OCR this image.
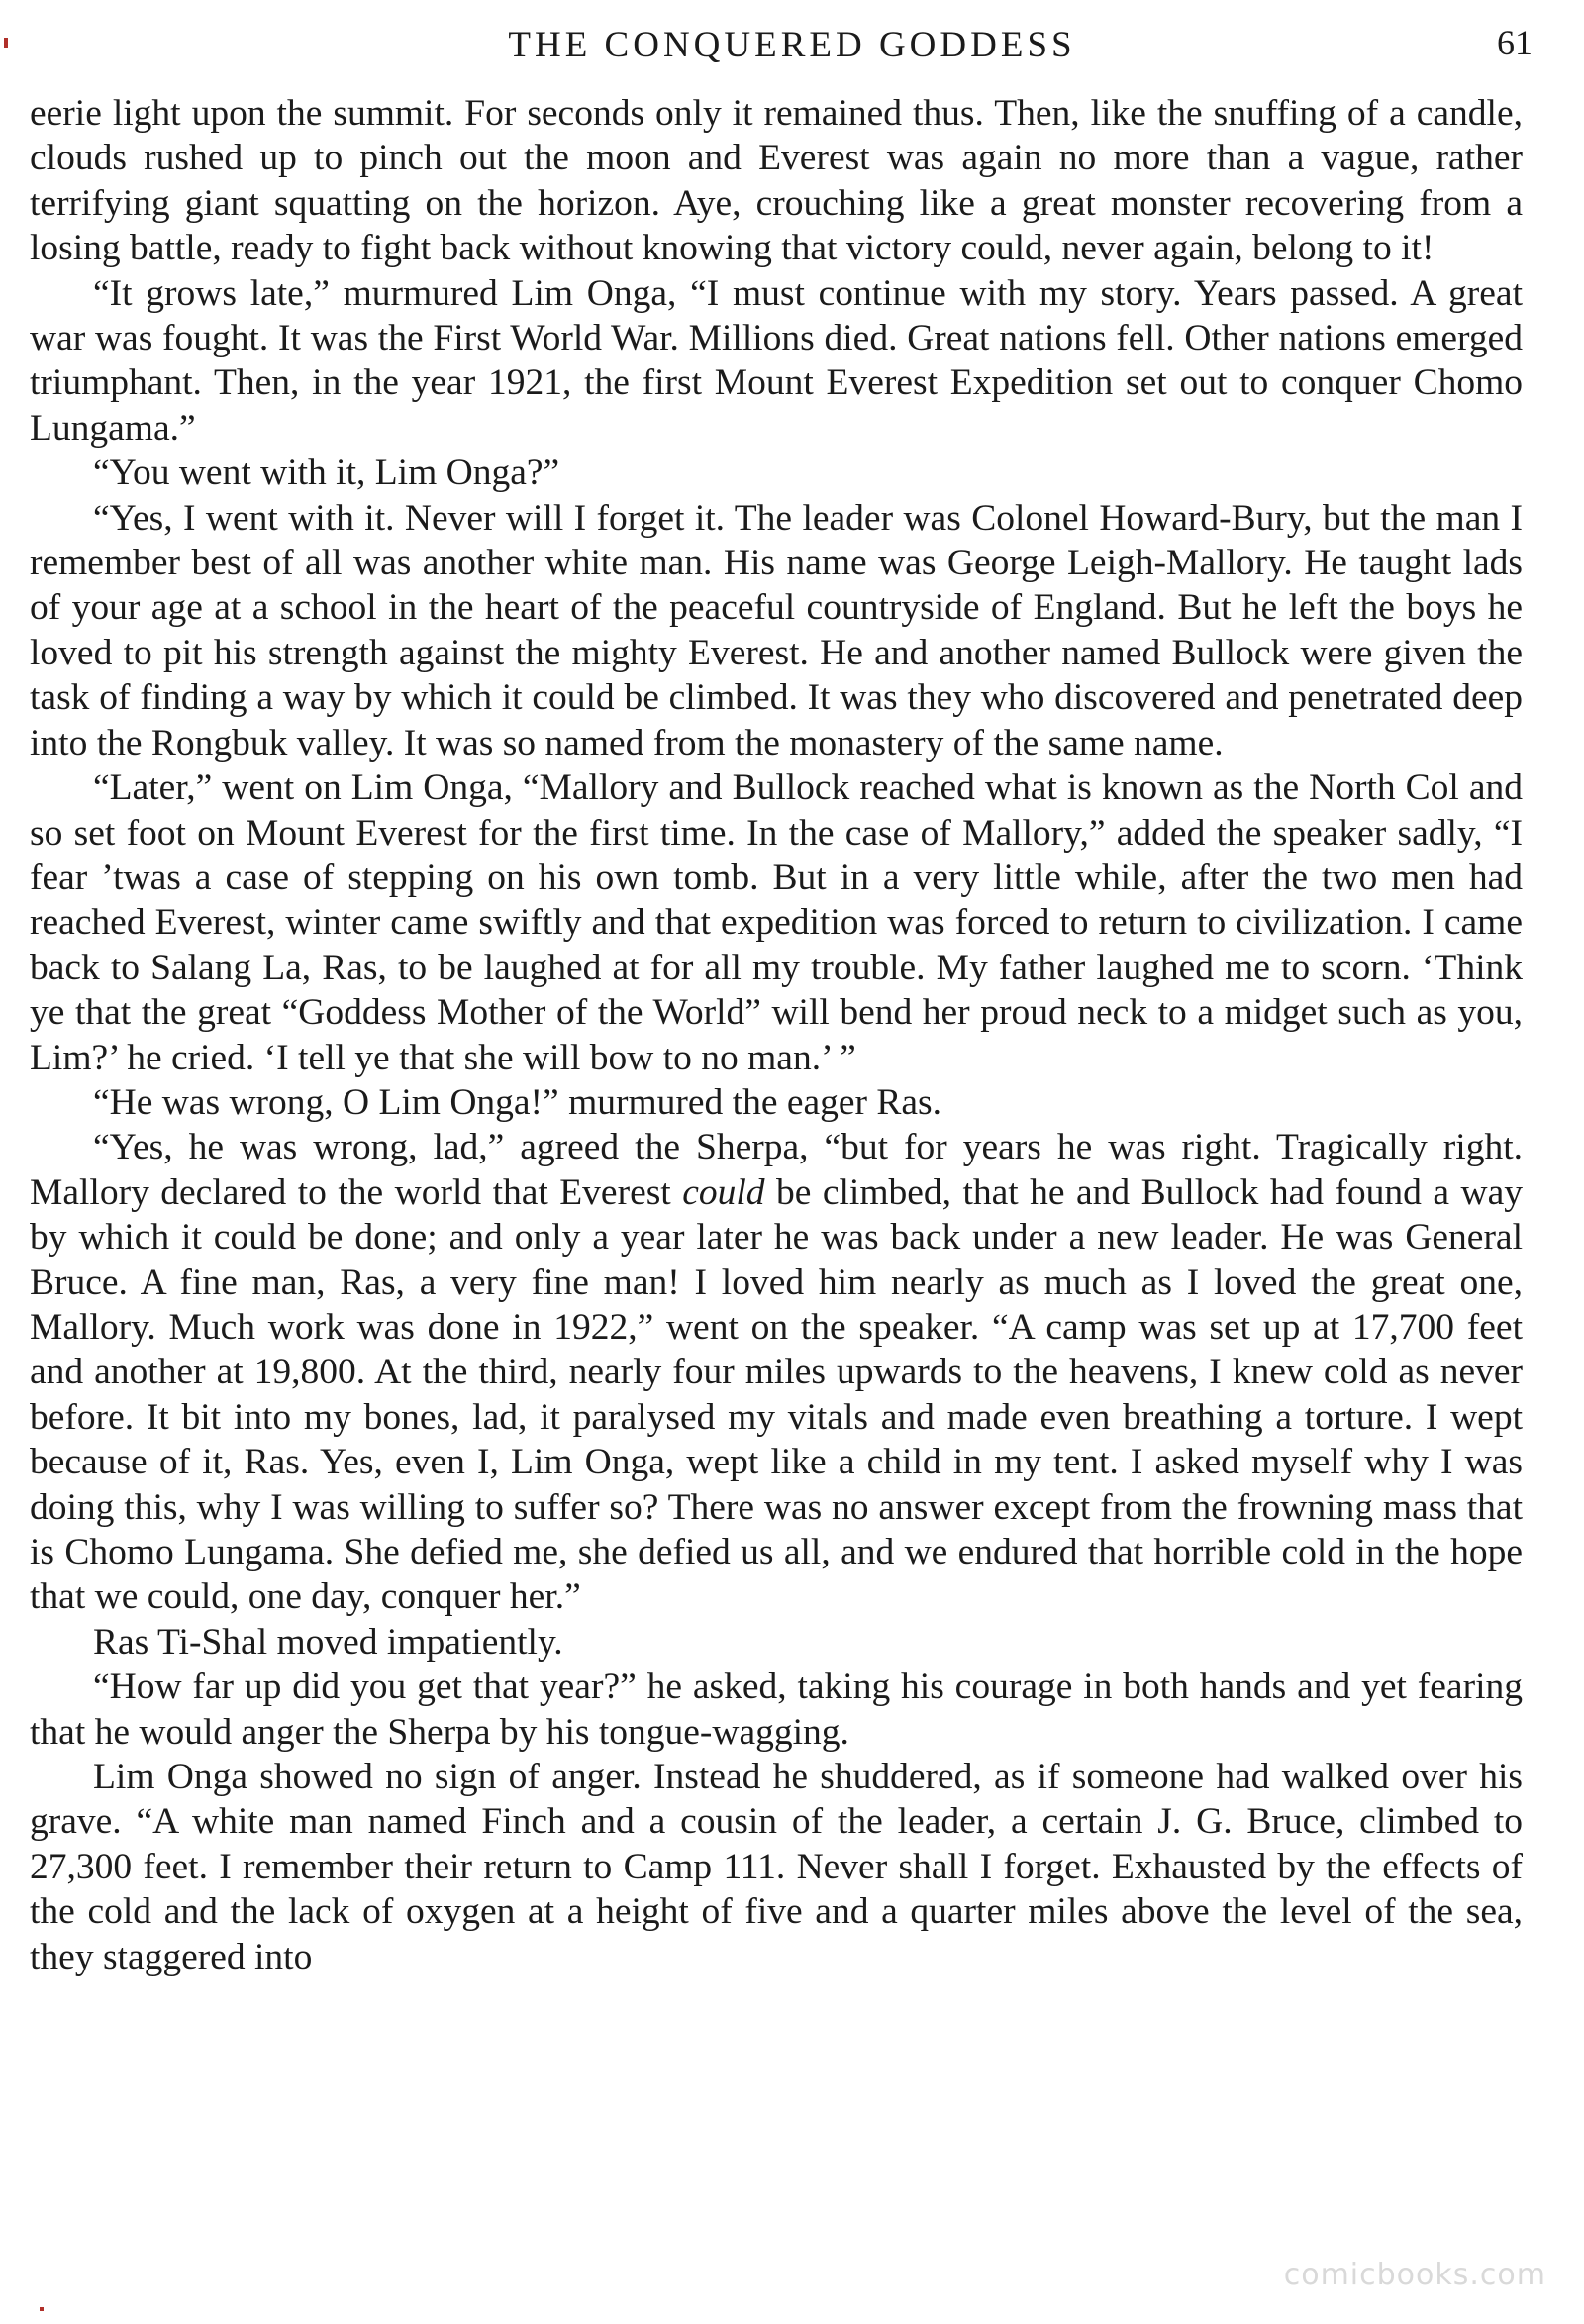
THE CONQUERED GODDESS	61

eerie light upon the summit. For seconds only it remained thus. Then, like the snuffing of a candle, clouds rushed up to pinch out the moon and Everest was again no more than a vague, rather terrifying giant squatting on the horizon. Aye, crouching like a great monster recovering from a losing battle, ready to fight back without knowing that victory could, never again, belong to it!

“It grows late,” murmured Lim Onga, “I must continue with my story. Years passed. A great war was fought. It was the First World War. Millions died. Great nations fell. Other nations emerged triumphant. Then, in the year 1921, the first Mount Everest Expedition set out to conquer Chomo Lungama.”

“You went with it, Lim Onga?”

“Yes, I went with it. Never will I forget it. The leader was Colonel Howard-Bury, but the man I remember best of all was another white man. His name was George Leigh-Mallory. He taught lads of your age at a school in the heart of the peaceful countryside of England. But he left the boys he loved to pit his strength against the mighty Everest. He and another named Bullock were given the task of finding a way by which it could be climbed. It was they who discovered and penetrated deep into the Rongbuk valley. It was so named from the monastery of the same name.

“Later,” went on Lim Onga, “Mallory and Bullock reached what is known as the North Col and so set foot on Mount Everest for the first time. In the case of Mallory,” added the speaker sadly, “I fear ’twas a case of stepping on his own tomb. But in a very little while, after the two men had reached Everest, winter came swiftly and that expedition was forced to return to civilization. I came back to Salang La, Ras, to be laughed at for all my trouble. My father laughed me to scorn. ‘Think ye that the great “Goddess Mother of the World” will bend her proud neck to a midget such as you, Lim?’ he cried. ‘I tell ye that she will bow to no man.’ ”

“He was wrong, O Lim Onga!” murmured the eager Ras.

“Yes, he was wrong, lad,” agreed the Sherpa, “but for years he was right. Tragically right. Mallory declared to the world that Everest could be climbed, that he and Bullock had found a way by which it could be done; and only a year later he was back under a new leader. He was General Bruce. A fine man, Ras, a very fine man! I loved him nearly as much as I loved the great one, Mallory. Much work was done in 1922,” went on the speaker. “A camp was set up at 17,700 feet and another at 19,800. At the third, nearly four miles upwards to the heavens, I knew cold as never before. It bit into my bones, lad, it paralysed my vitals and made even breathing a torture. I wept because of it, Ras. Yes, even I, Lim Onga, wept like a child in my tent. I asked myself why I was doing this, why I was willing to suffer so? There was no answer except from the frowning mass that is Chomo Lungama. She defied me, she defied us all, and we endured that horrible cold in the hope that we could, one day, conquer her.”

Ras Ti-Shal moved impatiently.

“How far up did you get that year?” he asked, taking his courage in both hands and yet fearing that he would anger the Sherpa by his tongue-wagging.

Lim Onga showed no sign of anger. Instead he shuddered, as if someone had walked over his grave. “A white man named Finch and a cousin of the leader, a certain J. G. Bruce, climbed to 27,300 feet. I remember their return to Camp 111. Never shall I forget. Exhausted by the effects of the cold and the lack of oxygen at a height of five and a quarter miles above the level of the sea, they staggered into

comicbooks.com
